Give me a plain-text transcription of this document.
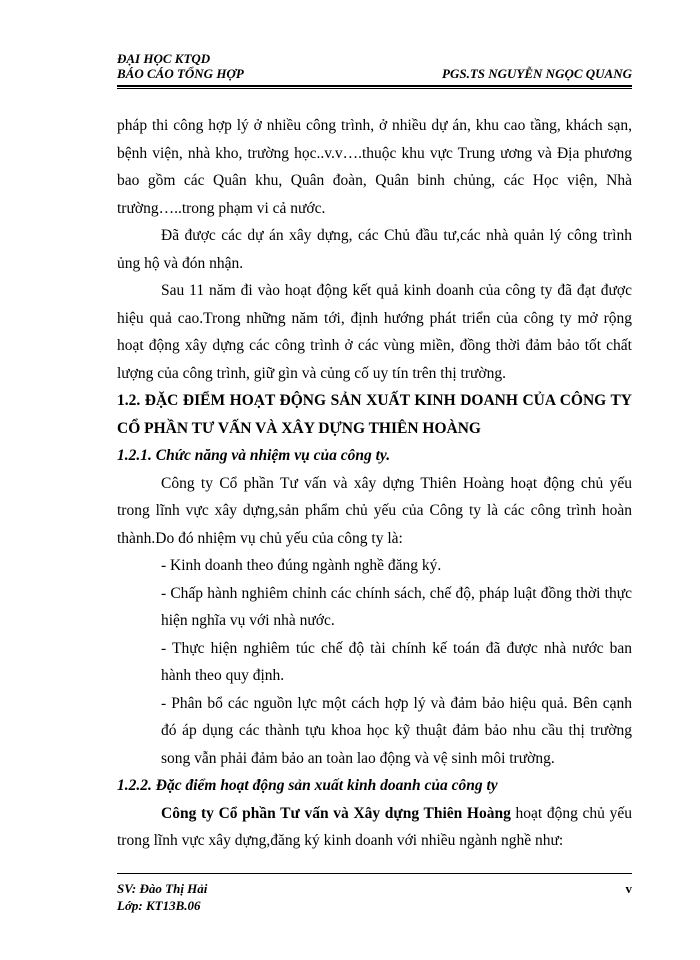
ĐẠI HỌC KTQD
BÁO CÁO TỔNG HỢP	PGS.TS NGUYỄN NGỌC QUANG
pháp thi công hợp lý ở nhiều công trình, ở nhiều dự án, khu cao tầng, khách sạn, bệnh viện, nhà kho, trường học..v.v….thuộc khu vực Trung ương và Địa phương bao gồm các Quân khu, Quân đoàn, Quân binh chủng, các Học viện, Nhà trường…..trong phạm vi cả nước.
Đã được các dự án xây dựng, các Chủ đầu tư,các nhà quản lý công trình ủng hộ và đón nhận.
Sau 11 năm đi vào hoạt động kết quả kinh doanh của công ty đã đạt được hiệu quả cao.Trong những năm tới, định hướng phát triển của công ty mở rộng hoạt động xây dựng các công trình ở các vùng miền, đồng thời đảm bảo tốt chất lượng của công trình, giữ gìn và củng cố uy tín trên thị trường.
1.2. ĐẶC ĐIỂM HOẠT ĐỘNG SẢN XUẤT KINH DOANH CỦA CÔNG TY CỔ PHẦN TƯ VẤN VÀ XÂY DỰNG THIÊN HOÀNG
1.2.1. Chức năng và nhiệm vụ của công ty.
Công ty Cổ phần Tư vấn và xây dựng Thiên Hoàng hoạt động chủ yếu trong lĩnh vực xây dựng,sản phẩm chủ yếu của Công ty là các công trình hoàn thành.Do đó nhiệm vụ chủ yếu của công ty là:
- Kinh doanh theo đúng ngành nghề đăng ký.
- Chấp hành nghiêm chỉnh các chính sách, chế độ, pháp luật đồng thời thực hiện nghĩa vụ với nhà nước.
- Thực hiện nghiêm túc chế độ tài chính kế toán đã được nhà nước ban hành theo quy định.
- Phân bổ các nguồn lực một cách hợp lý và đảm bảo hiệu quả. Bên cạnh đó áp dụng các thành tựu khoa học kỹ thuật đảm bảo nhu cầu thị trường song vẫn phải đảm bảo an toàn lao động và vệ sinh môi trường.
1.2.2. Đặc điểm hoạt động sản xuất kinh doanh của công ty
Công ty Cổ phần Tư vấn và Xây dựng Thiên Hoàng hoạt động chủ yếu trong lĩnh vực xây dựng,đăng ký kinh doanh với nhiều ngành nghề như:
SV: Đào Thị Hải
Lớp: KT13B.06
v
